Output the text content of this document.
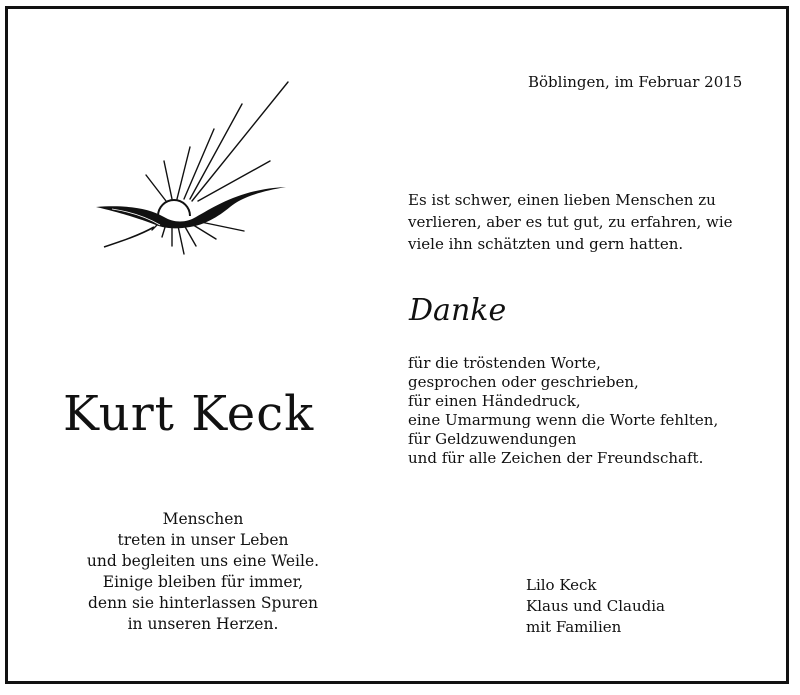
Böblingen, im Februar 2015

Es ist schwer, einen lieben Menschen zu
verlieren, aber es tut gut, zu erfahren, wie
viele ihn schätzten und gern hatten.

Danke
für die tröstenden Worte,
gesprochen oder geschrieben,
für einen Händedruck,
eine Umarmung wenn die Worte fehlten,
für Geldzuwendungen
und für alle Zeichen der Freundschaft.
Kurt Keck
Menschen
treten in unser Leben
und begleiten uns eine Weile.
Einige bleiben für immer,
denn sie hinterlassen Spuren
in unseren Herzen.
Lilo Keck
Klaus und Claudia
mit Familien
